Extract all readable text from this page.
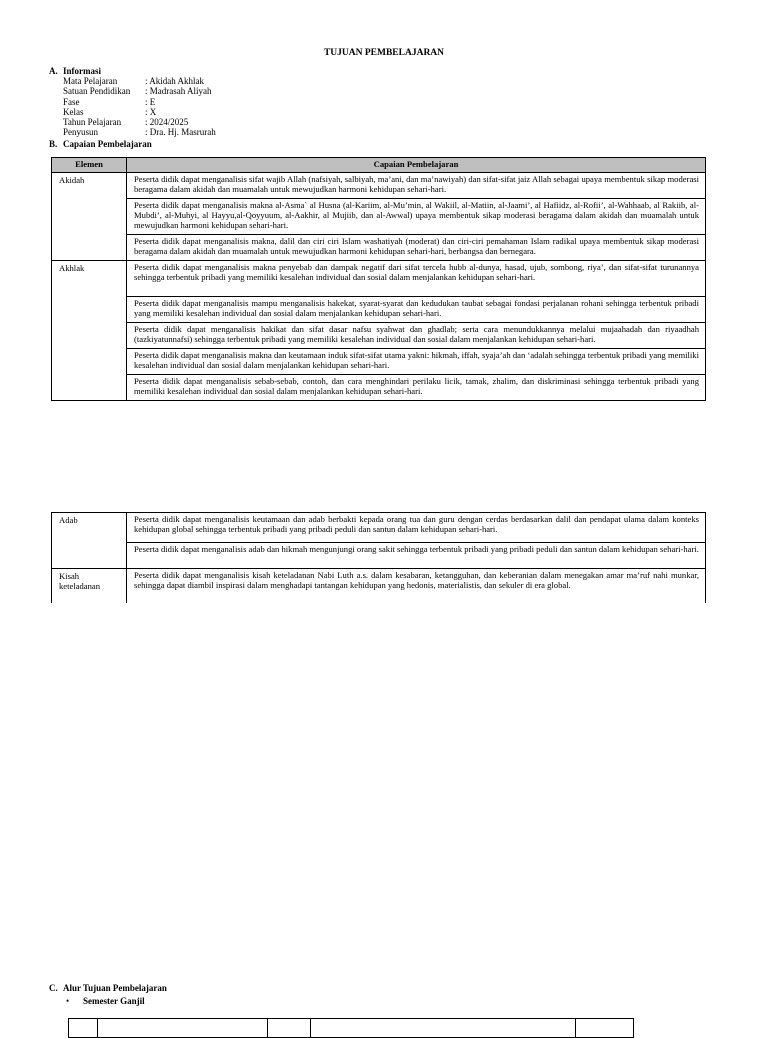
TUJUAN PEMBELAJARAN
A. Informasi
Mata Pelajaran	: Akidah Akhlak
Satuan Pendidikan : Madrasah Aliyah
Fase	: E
Kelas	: X
Tahun Pelajaran	: 2024/2025
Penyusun	: Dra. Hj. Masrurah
B. Capaian Pembelajaran
Elemen	Capaian Pembelajaran
Akidah	Peserta didik dapat menganalisis sifat wajib Allah (nafsiyah, salbiyah, ma’ani, dan ma’nawiyah) dan sifat-sifat jaiz Allah sebagai upaya membentuk sikap moderasi beragama dalam akidah dan muamalah untuk mewujudkan harmoni kehidupan sehari-hari.
	Peserta didik dapat menganalisis makna al-Asma` al Husna (al-Kariim, al-Mu’min, al Wakiil, al-Matiin, al-Jaami’, al Hafiidz, al-Rofii’, al-Wahhaab, al Rakiib, al-Mubdi’, al-Muhyi, al Hayyu,al-Qoyyuum, al-Aakhir, al Mujiib, dan al-Awwal) upaya membentuk sikap moderasi beragama dalam akidah dan muamalah untuk mewujudkan harmoni kehidupan sehari-hari.
	Peserta didik dapat menganalisis makna, dalil dan ciri ciri Islam washatiyah (moderat) dan ciri-ciri pemahaman Islam radikal upaya membentuk sikap moderasi beragama dalam akidah dan muamalah untuk mewujudkan harmoni kehidupan sehari-hari, berbangsa dan bernegara.
Akhlak	Peserta didik dapat menganalisis makna penyebab dan dampak negatif dari sifat tercela hubb al-dunya, hasad, ujub, sombong, riya’, dan sifat-sifat turunannya sehingga terbentuk pribadi yang memiliki kesalehan individual dan sosial dalam menjalankan kehidupan sehari-hari.
	Peserta didik dapat menganalisis mampu menganalisis hakekat, syarat-syarat dan kedudukan taubat sebagai fondasi perjalanan rohani sehingga terbentuk pribadi yang memiliki kesalehan individual dan sosial dalam menjalankan kehidupan sehari-hari.
	Peserta didik dapat menganalisis hakikat dan sifat dasar nafsu syahwat dan ghadlab; serta cara menundukkannya melalui mujaahadah dan riyaadhah (tazkiyatunnafsi) sehingga terbentuk pribadi yang memiliki kesalehan individual dan sosial dalam menjalankan kehidupan sehari-hari.
	Peserta didik dapat menganalisis makna dan keutamaan induk sifat-sifat utama yakni: hikmah, iffah, syaja’ah dan ‘adalah sehingga terbentuk pribadi yang memiliki kesalehan individual dan sosial dalam menjalankan kehidupan sehari-hari.
	Peserta didik dapat menganalisis sebab-sebab, contoh, dan cara menghindari perilaku licik, tamak, zhalim, dan diskriminasi sehingga terbentuk pribadi yang memiliki kesalehan individual dan sosial dalam menjalankan kehidupan sehari-hari.
Adab	Peserta didik dapat menganalisis keutamaan dan adab berbakti kepada orang tua dan guru dengan cerdas berdasarkan dalil dan pendapat ulama dalam konteks kehidupan global sehingga terbentuk pribadi yang pribadi peduli dan santun dalam kehidupan sehari-hari.
	Peserta didik dapat menganalisis adab dan hikmah mengunjungi orang sakit sehingga terbentuk pribadi yang pribadi peduli dan santun dalam kehidupan sehari-hari.
Kisah keteladanan	Peserta didik dapat menganalisis kisah keteladanan Nabi Luth a.s. dalam kesabaran, ketangguhan, dan keberanian dalam menegakan amar ma’ruf nahi munkar, sehingga dapat diambil inspirasi dalam menghadapi tantangan kehidupan yang hedonis, materialistis, dan sekuler di era global.
C. Alur Tujuan Pembelajaran
• Semester Ganjil
